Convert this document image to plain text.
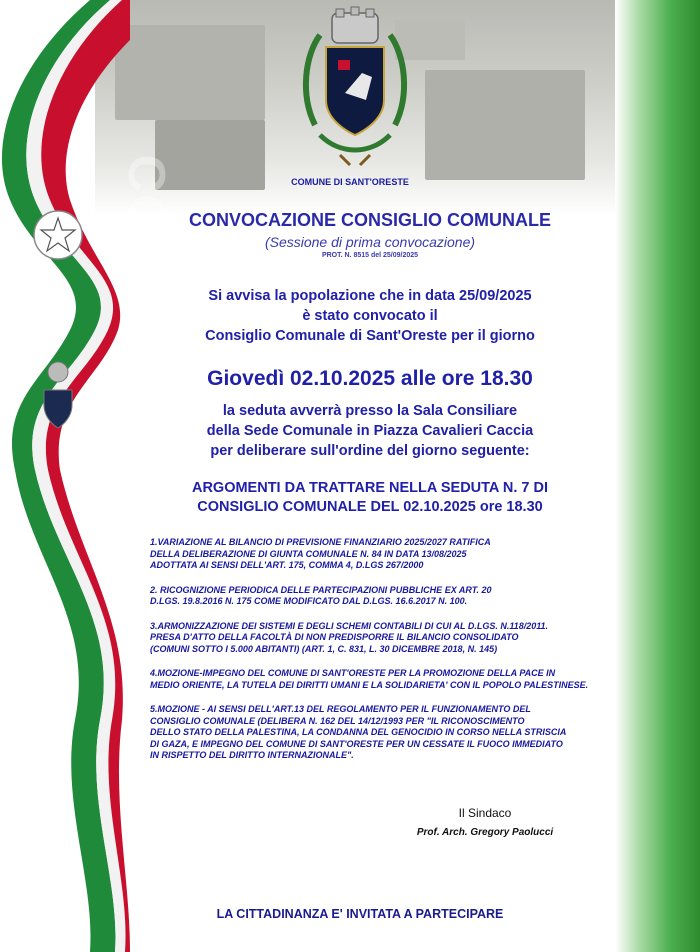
CONSIGLIO COMUNALE	COMUNE DI SANT'ORESTE
CONVOCAZIONE CONSIGLIO COMUNALE
(Sessione di prima convocazione)
PROT. N. 8515 del 25/09/2025
Si avvisa la popolazione che in data 25/09/2025
è stato convocato il
Consiglio Comunale di Sant'Oreste per il giorno
Giovedì 02.10.2025 alle ore 18.30
la seduta avverrà presso la Sala Consiliare
della Sede Comunale in Piazza Cavalieri Caccia
per deliberare sull'ordine del giorno seguente:
ARGOMENTI DA TRATTARE NELLA SEDUTA N. 7 DI
CONSIGLIO COMUNALE DEL 02.10.2025 ore 18.30
1.VARIAZIONE AL BILANCIO DI PREVISIONE FINANZIARIO 2025/2027 RATIFICA
DELLA DELIBERAZIONE DI GIUNTA COMUNALE N. 84 IN DATA 13/08/2025
ADOTTATA AI SENSI DELL'ART. 175, COMMA 4, D.LGS 267/2000
2. RICOGNIZIONE PERIODICA DELLE PARTECIPAZIONI PUBBLICHE EX ART. 20
D.LGS. 19.8.2016 N. 175 COME MODIFICATO DAL D.LGS. 16.6.2017 N. 100.
3.ARMONIZZAZIONE DEI SISTEMI E DEGLI SCHEMI CONTABILI DI CUI AL D.LGS. N.118/2011.
PRESA D'ATTO DELLA FACOLTÀ DI NON PREDISPORRE IL BILANCIO CONSOLIDATO
(COMUNI SOTTO I 5.000 ABITANTI) (ART. 1, C. 831, L. 30 DICEMBRE 2018, N. 145)
4.MOZIONE-IMPEGNO DEL COMUNE DI SANT'ORESTE PER LA PROMOZIONE DELLA PACE IN
MEDIO ORIENTE, LA TUTELA DEI DIRITTI UMANI E LA SOLIDARIETA' CON IL POPOLO PALESTINESE.
5.MOZIONE - AI SENSI DELL'ART.13 DEL REGOLAMENTO PER IL FUNZIONAMENTO DEL
CONSIGLIO COMUNALE (DELIBERA N. 162 DEL 14/12/1993 PER "IL RICONOSCIMENTO
DELLO STATO DELLA PALESTINA, LA CONDANNA DEL GENOCIDIO IN CORSO NELLA STRISCIA
DI GAZA, E IMPEGNO DEL COMUNE DI SANT'ORESTE PER UN CESSATE IL FUOCO IMMEDIATO
IN RISPETTO DEL DIRITTO INTERNAZIONALE".
Il Sindaco
Prof. Arch. Gregory Paolucci
LA CITTADINANZA E' INVITATA A PARTECIPARE
